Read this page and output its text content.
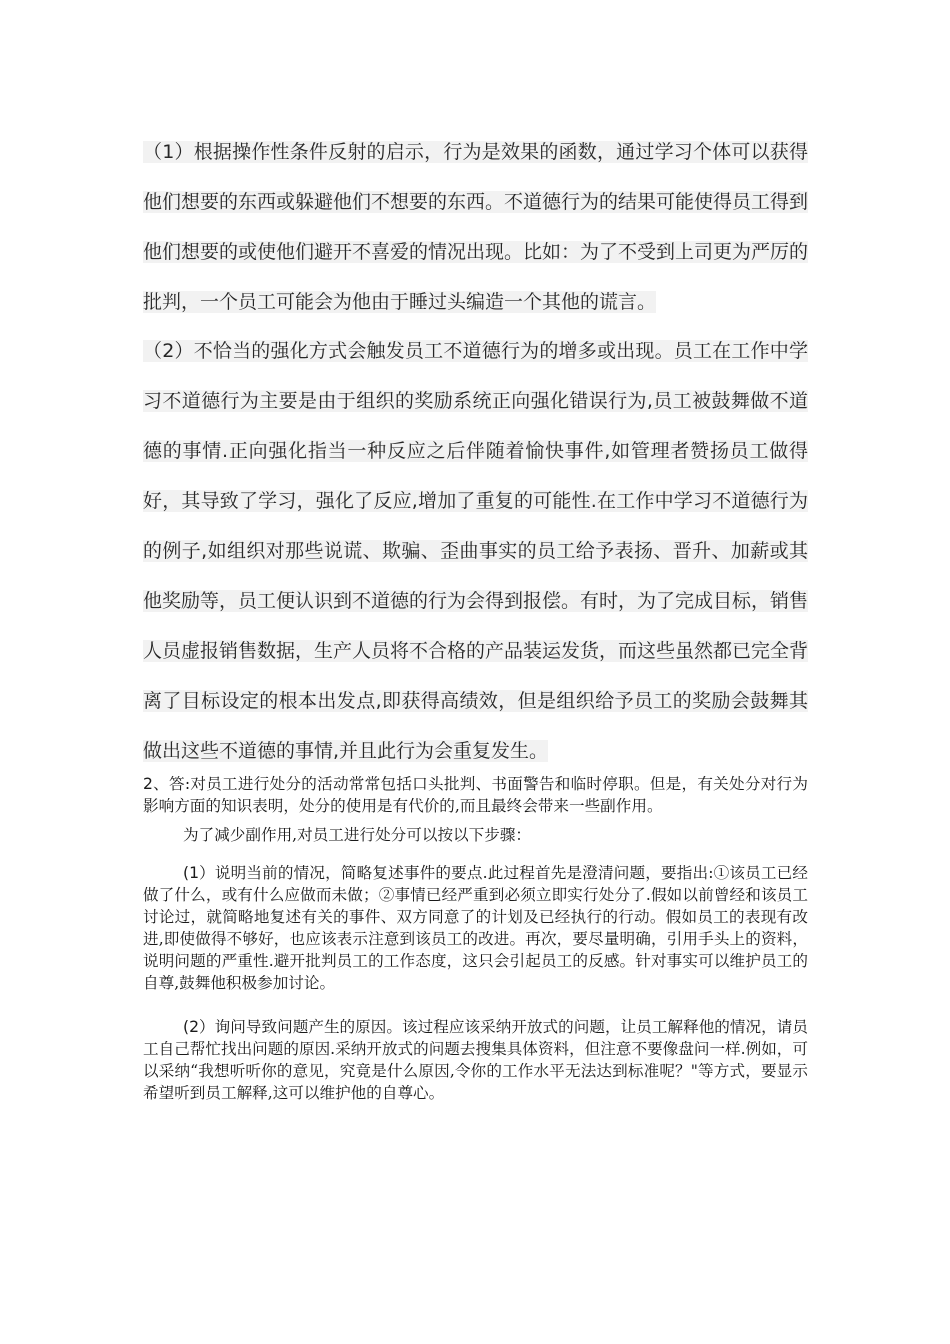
（1）根据操作性条件反射的启示，行为是效果的函数，通过学习个体可以获得他们想要的东西或躲避他们不想要的东西。不道德行为的结果可能使得员工得到他们想要的或使他们避开不喜爱的情况出现。比如：为了不受到上司更为严厉的批判，一个员工可能会为他由于睡过头编造一个其他的谎言。
（2）不恰当的强化方式会触发员工不道德行为的增多或出现。员工在工作中学习不道德行为主要是由于组织的奖励系统正向强化错误行为,员工被鼓舞做不道德的事情.正向强化指当一种反应之后伴随着愉快事件,如管理者赞扬员工做得好，其导致了学习，强化了反应,增加了重复的可能性.在工作中学习不道德行为的例子,如组织对那些说谎、欺骗、歪曲事实的员工给予表扬、晋升、加薪或其他奖励等，员工便认识到不道德的行为会得到报偿。有时，为了完成目标，销售人员虚报销售数据，生产人员将不合格的产品装运发货，而这些虽然都已完全背离了目标设定的根本出发点,即获得高绩效，但是组织给予员工的奖励会鼓舞其做出这些不道德的事情,并且此行为会重复发生。
2、答:对员工进行处分的活动常常包括口头批判、书面警告和临时停职。但是，有关处分对行为影响方面的知识表明，处分的使用是有代价的,而且最终会带来一些副作用。
为了减少副作用,对员工进行处分可以按以下步骤：
(1）说明当前的情况，简略复述事件的要点.此过程首先是澄清问题，要指出:①该员工已经做了什么，或有什么应做而未做；②事情已经严重到必须立即实行处分了.假如以前曾经和该员工讨论过，就简略地复述有关的事件、双方同意了的计划及已经执行的行动。假如员工的表现有改进,即使做得不够好，也应该表示注意到该员工的改进。再次，要尽量明确，引用手头上的资料，说明问题的严重性.避开批判员工的工作态度，这只会引起员工的反感。针对事实可以维护员工的自尊,鼓舞他积极参加讨论。
(2）询问导致问题产生的原因。该过程应该采纳开放式的问题，让员工解释他的情况，请员工自己帮忙找出问题的原因.采纳开放式的问题去搜集具体资料，但注意不要像盘问一样.例如，可以采纳“我想听听你的意见，究竟是什么原因,令你的工作水平无法达到标准呢？"等方式，要显示希望听到员工解释,这可以维护他的自尊心。
